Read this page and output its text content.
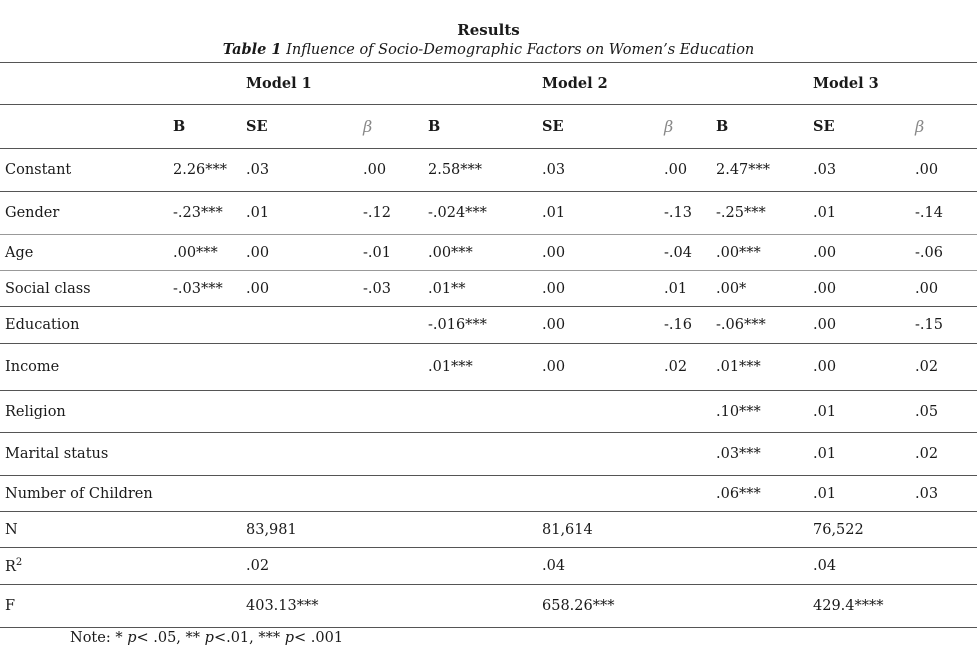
Results
Table 1 Influence of Socio-Demographic Factors on Women’s Education
		Model 1			Model 2			Model 3		
	B	SE	β	B	SE	β	B	SE	β	
Constant	2.26***	.03	.00	2.58***	.03	.00	2.47***	.03	.00	
Gender	-.23***	.01	-.12	-.024***	.01	-.13	-.25***	.01	-.14	
Age	.00***	.00	-.01	.00***	.00	-.04	.00***	.00	-.06	
Social class	-.03***	.00	-.03	.01**	.00	.01	.00*	.00	.00	
Education				-.016***	.00	-.16	-.06***	.00	-.15	
Income				.01***	.00	.02	.01***	.00	.02	
Religion							.10***	.01	.05	
Marital status							.03***	.01	.02	
Number of Children							.06***	.01	.03	
N		83,981			81,614			76,522		
$R^2$		.02			.04			.04		
F		403.13***			658.26***			429.4****		
Note: * p< .05, ** p<.01, *** p< .001
